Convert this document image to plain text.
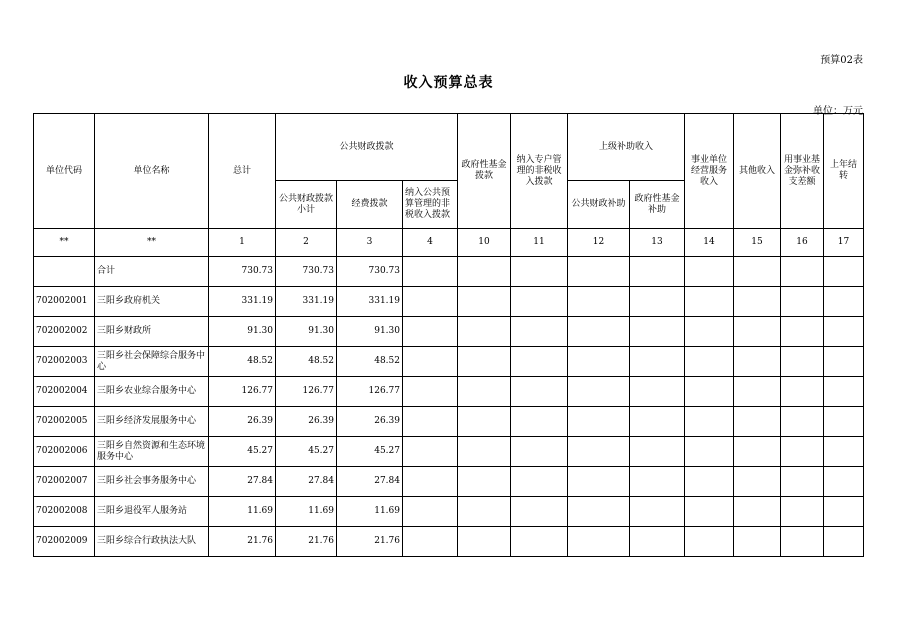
预算02表
收入预算总表
单位：万元
单位代码	单位名称	总计	公共财政拨款			政府性基金拨款	纳入专户管理的非税收入拨款	上级补助收入		事业单位经营服务收入	其他收入	用事业基金弥补收支差额	上年结转
			公共财政拨款小计	经费拨款	纳入公共预算管理的非税收入拨款			公共财政补助	政府性基金补助				
**	**	1	2	3	4	10	11	12	13	14	15	16	17
	合计	730.73	730.73	730.73									
702002001	三阳乡政府机关	331.19	331.19	331.19									
702002002	三阳乡财政所	91.30	91.30	91.30									
702002003	三阳乡社会保障综合服务中心	48.52	48.52	48.52									
702002004	三阳乡农业综合服务中心	126.77	126.77	126.77									
702002005	三阳乡经济发展服务中心	26.39	26.39	26.39									
702002006	三阳乡自然资源和生态环境服务中心	45.27	45.27	45.27									
702002007	三阳乡社会事务服务中心	27.84	27.84	27.84									
702002008	三阳乡退役军人服务站	11.69	11.69	11.69									
702002009	三阳乡综合行政执法大队	21.76	21.76	21.76									
